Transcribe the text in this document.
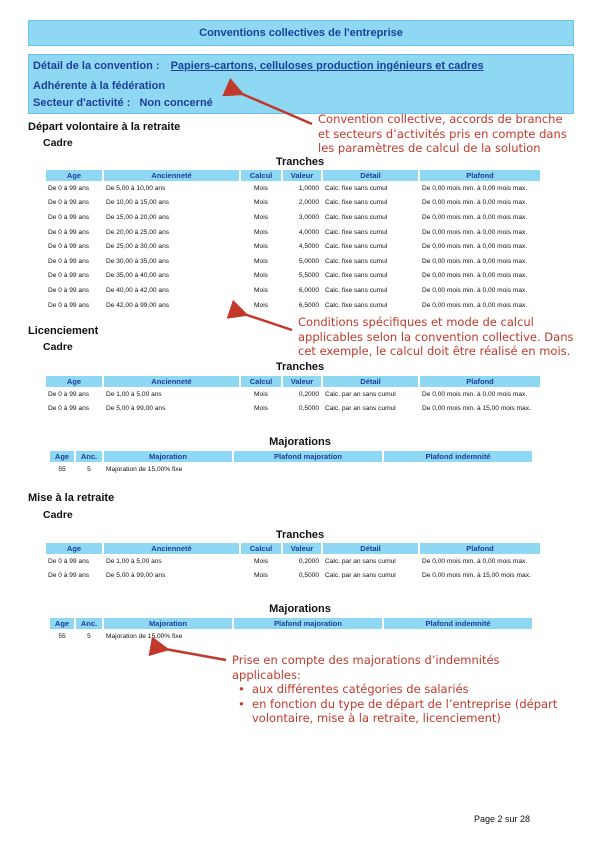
Conventions collectives de l'entreprise
Détail de la convention : Papiers-cartons, celluloses production ingénieurs et cadres
Adhérente à la fédération
Secteur d'activité : Non concerné
Départ volontaire à la retraite
Cadre
Tranches
Age	Ancienneté	Calcul	Valeur	Détail	Plafond
De 0 à 99 ans	De 5,00 à 10,00 ans	Mois	1,0000	Calc. fixe sans cumul	De 0,00 mois min. à 0,00 mois max.
De 0 à 99 ans	De 10,00 à 15,00 ans	Mois	2,0000	Calc. fixe sans cumul	De 0,00 mois min. à 0,00 mois max.
De 0 à 99 ans	De 15,00 à 20,00 ans	Mois	3,0000	Calc. fixe sans cumul	De 0,00 mois min. à 0,00 mois max.
De 0 à 99 ans	De 20,00 à 25,00 ans	Mois	4,0000	Calc. fixe sans cumul	De 0,00 mois min. à 0,00 mois max.
De 0 à 99 ans	De 25,00 à 30,00 ans	Mois	4,5000	Calc. fixe sans cumul	De 0,00 mois min. à 0,00 mois max.
De 0 à 99 ans	De 30,00 à 35,00 ans	Mois	5,0000	Calc. fixe sans cumul	De 0,00 mois min. à 0,00 mois max.
De 0 à 99 ans	De 35,00 à 40,00 ans	Mois	5,5000	Calc. fixe sans cumul	De 0,00 mois min. à 0,00 mois max.
De 0 à 99 ans	De 40,00 à 42,00 ans	Mois	6,0000	Calc. fixe sans cumul	De 0,00 mois min. à 0,00 mois max.
De 0 à 99 ans	De 42,00 à 99,00 ans	Mois	6,5000	Calc. fixe sans cumul	De 0,00 mois min. à 0,00 mois max.
Licenciement
Cadre
Tranches
Age	Ancienneté	Calcul	Valeur	Détail	Plafond
De 0 à 99 ans	De 1,00 à 5,00 ans	Mois	0,2000	Calc. par an sans cumul	De 0,00 mois min. à 0,00 mois max.
De 0 à 99 ans	De 5,00 à 99,00 ans	Mois	0,5000	Calc. par an sans cumul	De 0,00 mois min. à 15,00 mois max.
Majorations
Age	Anc.	Majoration	Plafond majoration	Plafond indemnité
55	5	Majoration de 15,00% fixe		
Mise à la retraite
Cadre
Tranches
Age	Ancienneté	Calcul	Valeur	Détail	Plafond
De 0 à 99 ans	De 1,00 à 5,00 ans	Mois	0,2000	Calc. par an sans cumul	De 0,00 mois min. à 0,00 mois max.
De 0 à 99 ans	De 5,00 à 99,00 ans	Mois	0,5000	Calc. par an sans cumul	De 0,00 mois min. à 15,00 mois max.
Majorations
Age	Anc.	Majoration	Plafond majoration	Plafond indemnité
55	5	Majoration de 15,00% fixe		
Convention collective, accords de branche
et secteurs d’activités pris en compte dans
les paramètres de calcul de la solution
Conditions spécifiques et mode de calcul
applicables selon la convention collective. Dans
cet exemple, le calcul doit être réalisé en mois.
Prise en compte des majorations d’indemnités applicables:
• aux différentes catégories de salariés
• en fonction du type de départ de l’entreprise (départ volontaire, mise à la retraite, licenciement)
Page 2 sur 28
